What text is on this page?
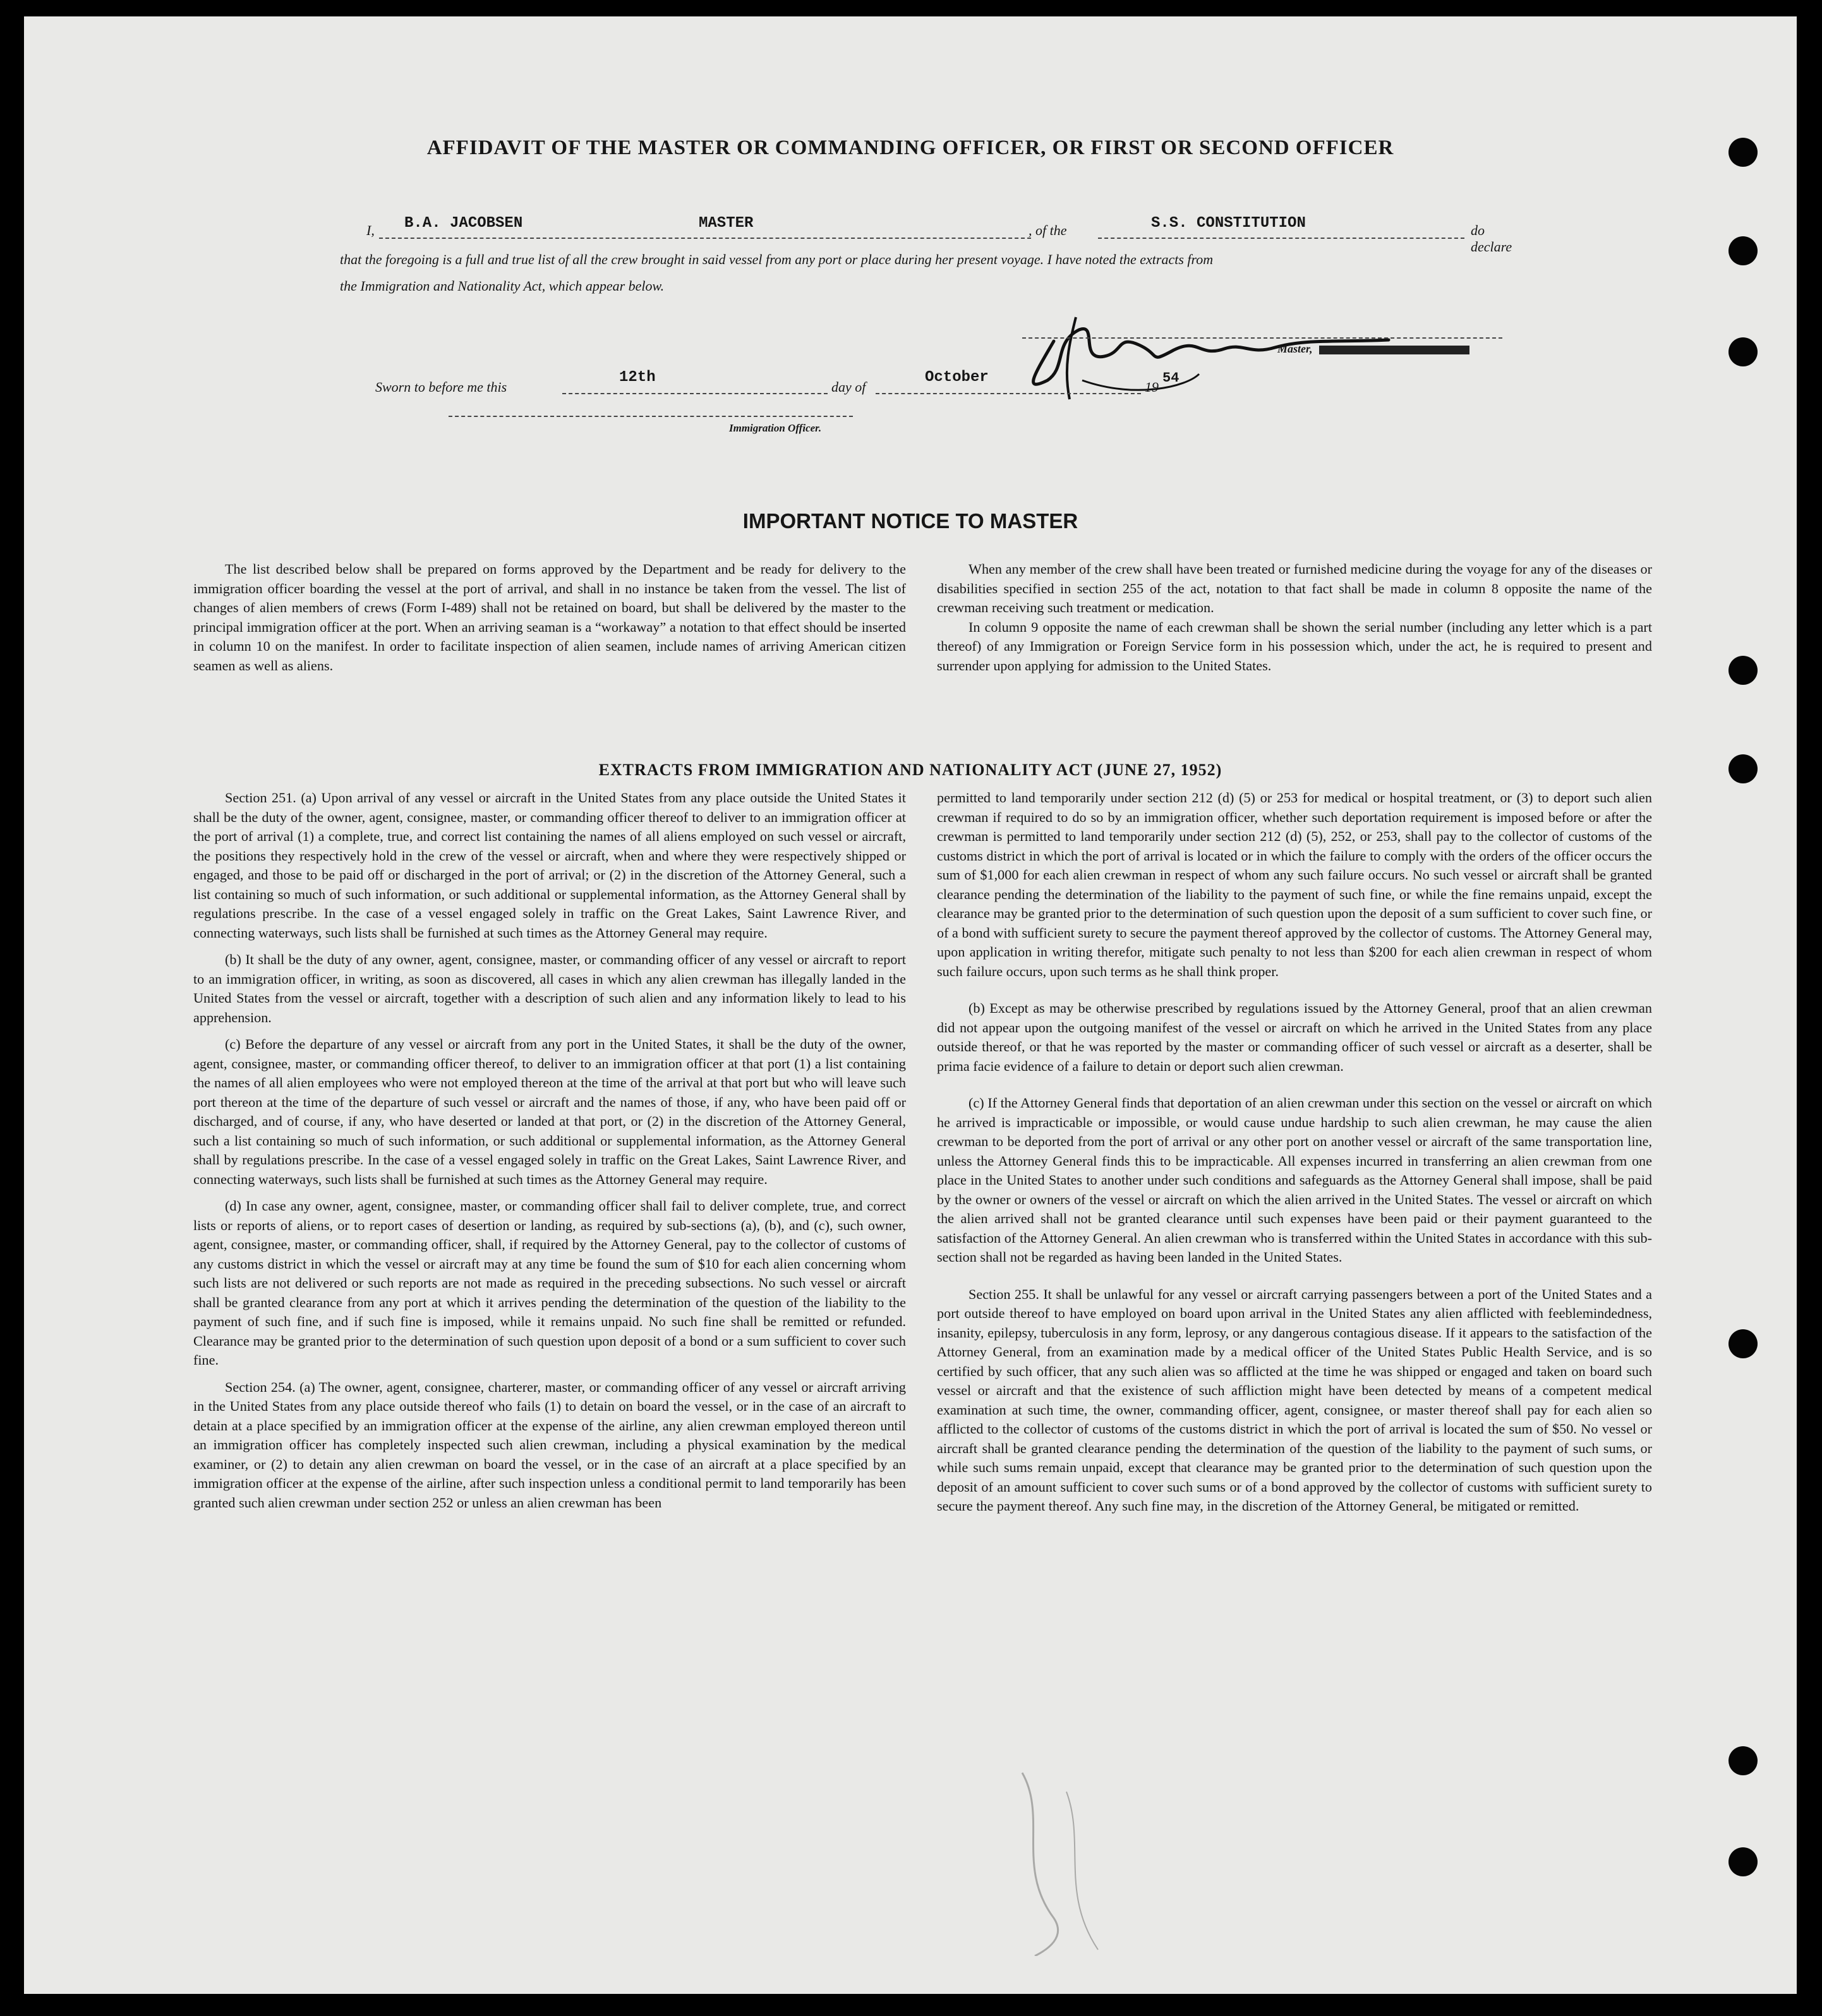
AFFIDAVIT OF THE MASTER OR COMMANDING OFFICER, OR FIRST OR SECOND OFFICER
I, B.A. JACOBSEN	MASTER	, of the	S.S. CONSTITUTION	do declare
that the foregoing is a full and true list of all the crew brought in said vessel from any port or place during her present voyage. I have noted the extracts from
the Immigration and Nationality Act, which appear below.
Master,
Sworn to before me this
12th
day of
October
19
54
Immigration Officer.
IMPORTANT NOTICE TO MASTER

The list described below shall be prepared on forms approved by the Department and be ready for delivery to the immigration officer boarding the vessel at the port of arrival, and shall in no instance be taken from the vessel. The list of changes of alien members of crews (Form I-489) shall not be retained on board, but shall be delivered by the master to the principal immigration officer at the port. When an arriving seaman is a “workaway” a notation to that effect should be inserted in column 10 on the manifest. In order to facilitate inspection of alien seamen, include names of arriving American citizen seamen as well as aliens.

When any member of the crew shall have been treated or furnished medicine during the voyage for any of the diseases or disabilities specified in section 255 of the act, notation to that fact shall be made in column 8 opposite the name of the crewman receiving such treatment or medication.

In column 9 opposite the name of each crewman shall be shown the serial number (including any letter which is a part thereof) of any Immigration or Foreign Service form in his possession which, under the act, he is required to present and surrender upon applying for admission to the United States.

EXTRACTS FROM IMMIGRATION AND NATIONALITY ACT (JUNE 27, 1952)

Section 251. (a) Upon arrival of any vessel or aircraft in the United States from any place outside the United States it shall be the duty of the owner, agent, consignee, master, or commanding officer thereof to deliver to an immigration officer at the port of arrival (1) a complete, true, and correct list containing the names of all aliens employed on such vessel or aircraft, the positions they respectively hold in the crew of the vessel or aircraft, when and where they were respectively shipped or engaged, and those to be paid off or discharged in the port of arrival; or (2) in the discretion of the Attorney General, such a list containing so much of such information, or such additional or supplemental information, as the Attorney General shall by regulations prescribe. In the case of a vessel engaged solely in traffic on the Great Lakes, Saint Lawrence River, and connecting waterways, such lists shall be furnished at such times as the Attorney General may require.

(b) It shall be the duty of any owner, agent, consignee, master, or commanding officer of any vessel or aircraft to report to an immigration officer, in writing, as soon as discovered, all cases in which any alien crewman has illegally landed in the United States from the vessel or aircraft, together with a description of such alien and any information likely to lead to his apprehension.

(c) Before the departure of any vessel or aircraft from any port in the United States, it shall be the duty of the owner, agent, consignee, master, or commanding officer thereof, to deliver to an immigration officer at that port (1) a list containing the names of all alien employees who were not employed thereon at the time of the arrival at that port but who will leave such port thereon at the time of the departure of such vessel or aircraft and the names of those, if any, who have been paid off or discharged, and of course, if any, who have deserted or landed at that port, or (2) in the discretion of the Attorney General, such a list containing so much of such information, or such additional or supplemental information, as the Attorney General shall by regulations prescribe. In the case of a vessel engaged solely in traffic on the Great Lakes, Saint Lawrence River, and connecting waterways, such lists shall be furnished at such times as the Attorney General may require.

(d) In case any owner, agent, consignee, master, or commanding officer shall fail to deliver complete, true, and correct lists or reports of aliens, or to report cases of desertion or landing, as required by sub-sections (a), (b), and (c), such owner, agent, consignee, master, or commanding officer, shall, if required by the Attorney General, pay to the collector of customs of any customs district in which the vessel or aircraft may at any time be found the sum of $10 for each alien concerning whom such lists are not delivered or such reports are not made as required in the preceding subsections. No such vessel or aircraft shall be granted clearance from any port at which it arrives pending the determination of the question of the liability to the payment of such fine, and if such fine is imposed, while it remains unpaid. No such fine shall be remitted or refunded. Clearance may be granted prior to the determination of such question upon deposit of a bond or a sum sufficient to cover such fine.

Section 254. (a) The owner, agent, consignee, charterer, master, or commanding officer of any vessel or aircraft arriving in the United States from any place outside thereof who fails (1) to detain on board the vessel, or in the case of an aircraft to detain at a place specified by an immigration officer at the expense of the airline, any alien crewman employed thereon until an immigration officer has completely inspected such alien crewman, including a physical examination by the medical examiner, or (2) to detain any alien crewman on board the vessel, or in the case of an aircraft at a place specified by an immigration officer at the expense of the airline, after such inspection unless a conditional permit to land temporarily has been granted such alien crewman under section 252 or unless an alien crewman has been

permitted to land temporarily under section 212 (d) (5) or 253 for medical or hospital treatment, or (3) to deport such alien crewman if required to do so by an immigration officer, whether such deportation requirement is imposed before or after the crewman is permitted to land temporarily under section 212 (d) (5), 252, or 253, shall pay to the collector of customs of the customs district in which the port of arrival is located or in which the failure to comply with the orders of the officer occurs the sum of $1,000 for each alien crewman in respect of whom any such failure occurs. No such vessel or aircraft shall be granted clearance pending the determination of the liability to the payment of such fine, or while the fine remains unpaid, except the clearance may be granted prior to the determination of such question upon the deposit of a sum sufficient to cover such fine, or of a bond with sufficient surety to secure the payment thereof approved by the collector of customs. The Attorney General may, upon application in writing therefor, mitigate such penalty to not less than $200 for each alien crewman in respect of whom such failure occurs, upon such terms as he shall think proper.

(b) Except as may be otherwise prescribed by regulations issued by the Attorney General, proof that an alien crewman did not appear upon the outgoing manifest of the vessel or aircraft on which he arrived in the United States from any place outside thereof, or that he was reported by the master or commanding officer of such vessel or aircraft as a deserter, shall be prima facie evidence of a failure to detain or deport such alien crewman.

(c) If the Attorney General finds that deportation of an alien crewman under this section on the vessel or aircraft on which he arrived is impracticable or impossible, or would cause undue hardship to such alien crewman, he may cause the alien crewman to be deported from the port of arrival or any other port on another vessel or aircraft of the same transportation line, unless the Attorney General finds this to be impracticable. All expenses incurred in transferring an alien crewman from one place in the United States to another under such conditions and safeguards as the Attorney General shall impose, shall be paid by the owner or owners of the vessel or aircraft on which the alien arrived in the United States. The vessel or aircraft on which the alien arrived shall not be granted clearance until such expenses have been paid or their payment guaranteed to the satisfaction of the Attorney General. An alien crewman who is transferred within the United States in accordance with this sub-section shall not be regarded as having been landed in the United States.

Section 255. It shall be unlawful for any vessel or aircraft carrying passengers between a port of the United States and a port outside thereof to have employed on board upon arrival in the United States any alien afflicted with feeblemindedness, insanity, epilepsy, tuberculosis in any form, leprosy, or any dangerous contagious disease. If it appears to the satisfaction of the Attorney General, from an examination made by a medical officer of the United States Public Health Service, and is so certified by such officer, that any such alien was so afflicted at the time he was shipped or engaged and taken on board such vessel or aircraft and that the existence of such affliction might have been detected by means of a competent medical examination at such time, the owner, commanding officer, agent, consignee, or master thereof shall pay for each alien so afflicted to the collector of customs of the customs district in which the port of arrival is located the sum of $50. No vessel or aircraft shall be granted clearance pending the determination of the question of the liability to the payment of such sums, or while such sums remain unpaid, except that clearance may be granted prior to the determination of such question upon the deposit of an amount sufficient to cover such sums or of a bond approved by the collector of customs with sufficient surety to secure the payment thereof. Any such fine may, in the discretion of the Attorney General, be mitigated or remitted.
